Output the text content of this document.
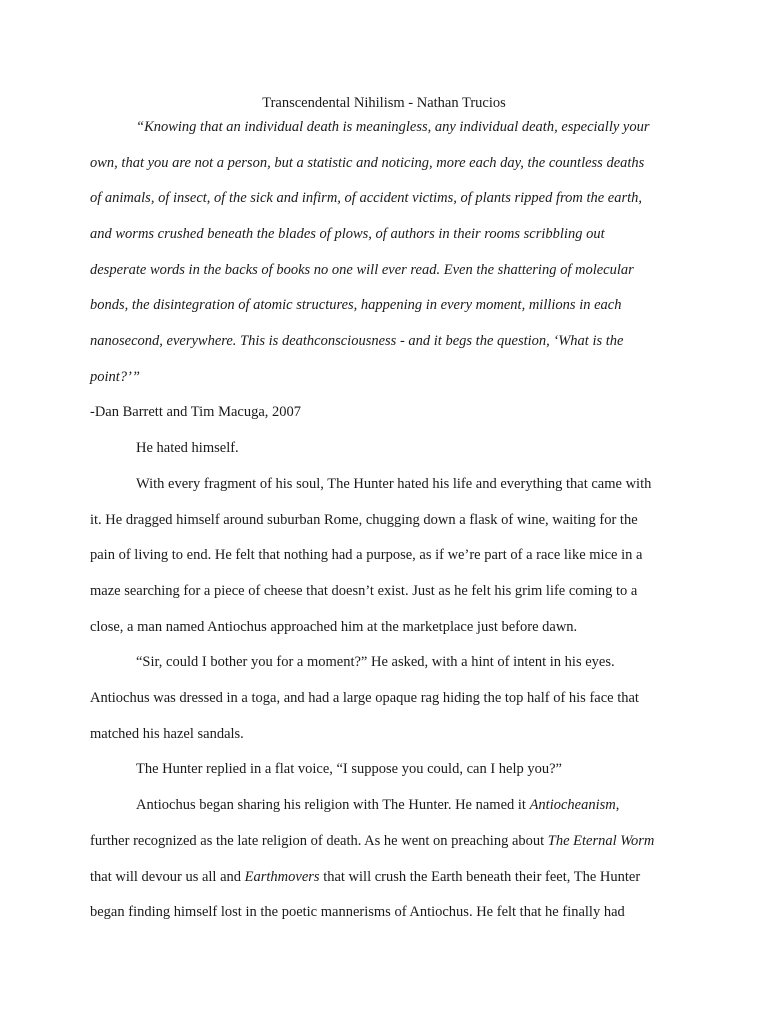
Transcendental Nihilism - Nathan Trucios

“Knowing that an individual death is meaningless, any individual death, especially your

own, that you are not a person, but a statistic and noticing, more each day, the countless deaths

of animals, of insect, of the sick and infirm, of accident victims, of plants ripped from the earth,

and worms crushed beneath the blades of plows, of authors in their rooms scribbling out

desperate words in the backs of books no one will ever read. Even the shattering of molecular

bonds, the disintegration of atomic structures, happening in every moment, millions in each

nanosecond, everywhere. This is deathconsciousness - and it begs the question, ‘What is the

point?’”

-Dan Barrett and Tim Macuga, 2007

He hated himself.

With every fragment of his soul, The Hunter hated his life and everything that came with

it. He dragged himself around suburban Rome, chugging down a flask of wine, waiting for the

pain of living to end. He felt that nothing had a purpose, as if we’re part of a race like mice in a

maze searching for a piece of cheese that doesn’t exist. Just as he felt his grim life coming to a

close, a man named Antiochus approached him at the marketplace just before dawn.

“Sir, could I bother you for a moment?” He asked, with a hint of intent in his eyes.

Antiochus was dressed in a toga, and had a large opaque rag hiding the top half of his face that

matched his hazel sandals.

The Hunter replied in a flat voice, “I suppose you could, can I help you?”

Antiochus began sharing his religion with The Hunter. He named it Antiocheanism,

further recognized as the late religion of death. As he went on preaching about The Eternal Worm

that will devour us all and Earthmovers that will crush the Earth beneath their feet, The Hunter

began finding himself lost in the poetic mannerisms of Antiochus. He felt that he finally had
